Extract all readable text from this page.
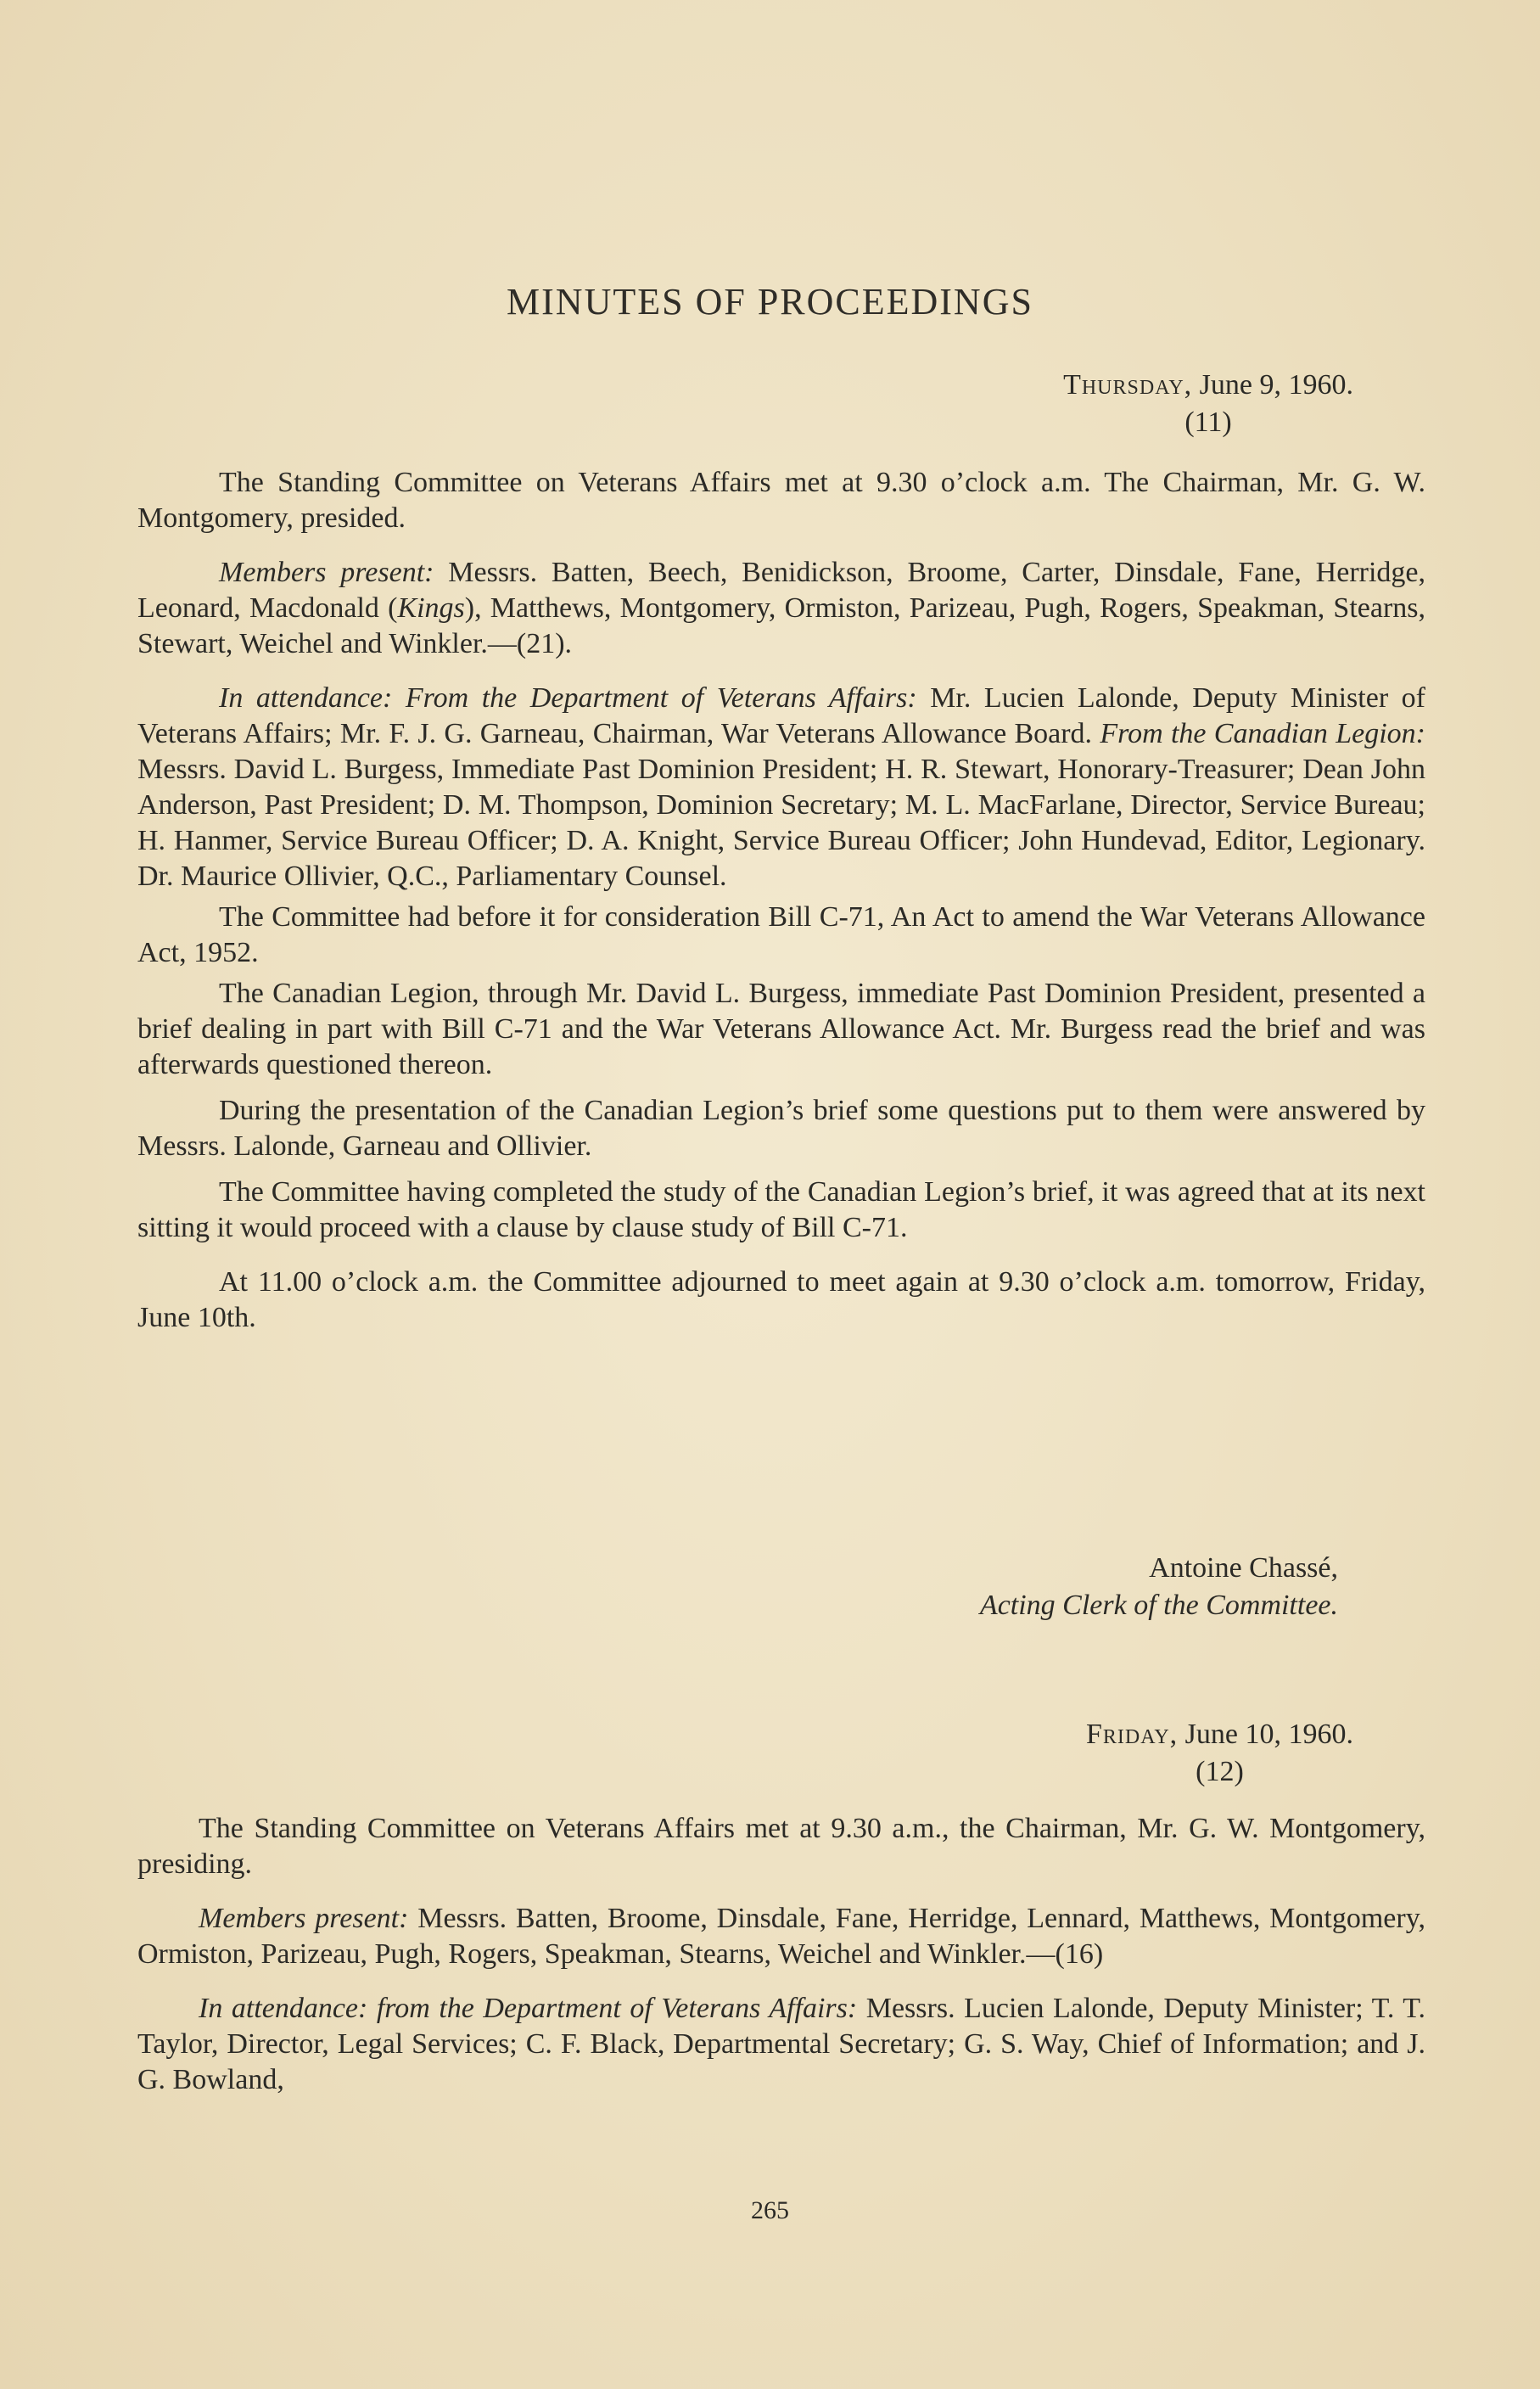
MINUTES OF PROCEEDINGS
Thursday, June 9, 1960.
(11)

The Standing Committee on Veterans Affairs met at 9.30 o’clock a.m. The Chairman, Mr. G. W. Montgomery, presided.

Members present: Messrs. Batten, Beech, Benidickson, Broome, Carter, Dinsdale, Fane, Herridge, Leonard, Macdonald (Kings), Matthews, Montgomery, Ormiston, Parizeau, Pugh, Rogers, Speakman, Stearns, Stewart, Weichel and Winkler.—(21).

In attendance: From the Department of Veterans Affairs: Mr. Lucien Lalonde, Deputy Minister of Veterans Affairs; Mr. F. J. G. Garneau, Chairman, War Veterans Allowance Board. From the Canadian Legion: Messrs. David L. Burgess, Immediate Past Dominion President; H. R. Stewart, Honorary-Treasurer; Dean John Anderson, Past President; D. M. Thompson, Dominion Secretary; M. L. MacFarlane, Director, Service Bureau; H. Hanmer, Service Bureau Officer; D. A. Knight, Service Bureau Officer; John Hundevad, Editor, Legionary. Dr. Maurice Ollivier, Q.C., Parliamentary Counsel.

The Committee had before it for consideration Bill C-71, An Act to amend the War Veterans Allowance Act, 1952.

The Canadian Legion, through Mr. David L. Burgess, immediate Past Dominion President, presented a brief dealing in part with Bill C-71 and the War Veterans Allowance Act. Mr. Burgess read the brief and was afterwards questioned thereon.

During the presentation of the Canadian Legion’s brief some questions put to them were answered by Messrs. Lalonde, Garneau and Ollivier.

The Committee having completed the study of the Canadian Legion’s brief, it was agreed that at its next sitting it would proceed with a clause by clause study of Bill C-71.

At 11.00 o’clock a.m. the Committee adjourned to meet again at 9.30 o’clock a.m. tomorrow, Friday, June 10th.

Antoine Chassé,
Acting Clerk of the Committee.
Friday, June 10, 1960.
(12)

The Standing Committee on Veterans Affairs met at 9.30 a.m., the Chairman, Mr. G. W. Montgomery, presiding.

Members present: Messrs. Batten, Broome, Dinsdale, Fane, Herridge, Lennard, Matthews, Montgomery, Ormiston, Parizeau, Pugh, Rogers, Speakman, Stearns, Weichel and Winkler.—(16)

In attendance: from the Department of Veterans Affairs: Messrs. Lucien Lalonde, Deputy Minister; T. T. Taylor, Director, Legal Services; C. F. Black, Departmental Secretary; G. S. Way, Chief of Information; and J. G. Bowland,

265
